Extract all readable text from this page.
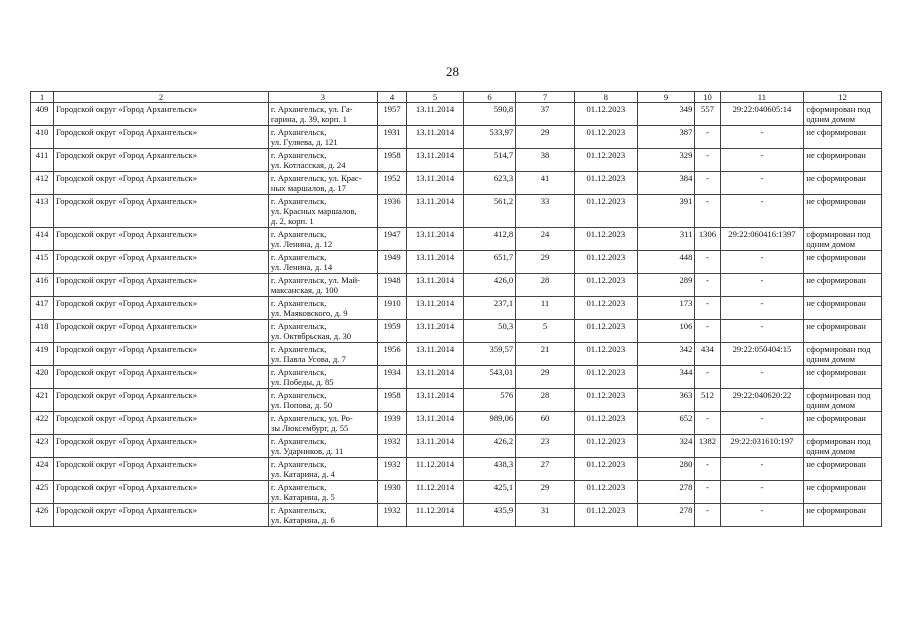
28
1	2	3	4	5	6	7	8	9	10	11	12
409	Городской округ «Город Архангельск»	г. Архангельск, ул. Га-
гарина, д. 39, корп. 1	1957	13.11.2014	590,8	37	01.12.2023	349	557	29:22:040605:14	сформирован под
одним домом
410	Городской округ «Город Архангельск»	г. Архангельск,
ул. Гуляева, д. 121	1931	13.11.2014	533,97	29	01.12.2023	387	-	-	не сформирован
411	Городской округ «Город Архангельск»	г. Архангельск,
ул. Котласская, д. 24	1958	13.11.2014	514,7	38	01.12.2023	329	-	-	не сформирован
412	Городской округ «Город Архангельск»	г. Архангельск, ул. Крас-
ных маршалов, д. 17	1952	13.11.2014	623,3	41	01.12.2023	384	-	-	не сформирован
413	Городской округ «Город Архангельск»	г. Архангельск,
ул. Красных маршалов,
д. 2, корп. 1	1936	13.11.2014	561,2	33	01.12.2023	391	-	-	не сформирован
414	Городской округ «Город Архангельск»	г. Архангельск,
ул. Ленина, д. 12	1947	13.11.2014	412,8	24	01.12.2023	311	1306	29:22:060416:1397	сформирован под
одним домом
415	Городской округ «Город Архангельск»	г. Архангельск,
ул. Ленина, д. 14	1949	13.11.2014	651,7	29	01.12.2023	448	-	-	не сформирован
416	Городской округ «Город Архангельск»	г. Архангельск, ул. Май-
максанская, д. 100	1948	13.11.2014	426,0	28	01.12.2023	289	-	-	не сформирован
417	Городской округ «Город Архангельск»	г. Архангельск,
ул. Маяковского, д. 9	1910	13.11.2014	237,1	11	01.12.2023	173	-	-	не сформирован
418	Городской округ «Город Архангельск»	г. Архангельск,
ул. Октябрьская, д. 30	1959	13.11.2014	50,3	5	01.12.2023	106	-	-	не сформирован
419	Городской округ «Город Архангельск»	г. Архангельск,
ул. Павла Усова, д. 7	1956	13.11.2014	359,57	21	01.12.2023	342	434	29:22:050404:15	сформирован под
одним домом
420	Городской округ «Город Архангельск»	г. Архангельск,
ул. Победы, д. 85	1934	13.11.2014	543,01	29	01.12.2023	344	-	-	не сформирован
421	Городской округ «Город Архангельск»	г. Архангельск,
ул. Попова, д. 50	1958	13.11.2014	576	28	01.12.2023	363	512	29:22:040620:22	сформирован под
одним домом
422	Городской округ «Город Архангельск»	г. Архангельск, ул. Ро-
зы Люксембург, д. 55	1939	13.11.2014	989,06	60	01.12.2023	652	-	-	не сформирован
423	Городской округ «Город Архангельск»	г. Архангельск,
ул. Ударников, д. 11	1932	13.11.2014	426,2	23	01.12.2023	324	1382	29:22:031610:197	сформирован под
одним домом
424	Городской округ «Город Архангельск»	г. Архангельск,
ул. Катарина, д. 4	1932	11.12.2014	438,3	27	01.12.2023	280	-	-	не сформирован
425	Городской округ «Город Архангельск»	г. Архангельск,
ул. Катарина, д. 5	1930	11.12.2014	425,1	29	01.12.2023	278	-	-	не сформирован
426	Городской округ «Город Архангельск»	г. Архангельск,
ул. Катарина, д. 6	1932	11.12.2014	435,9	31	01.12.2023	278	-	-	не сформирован
